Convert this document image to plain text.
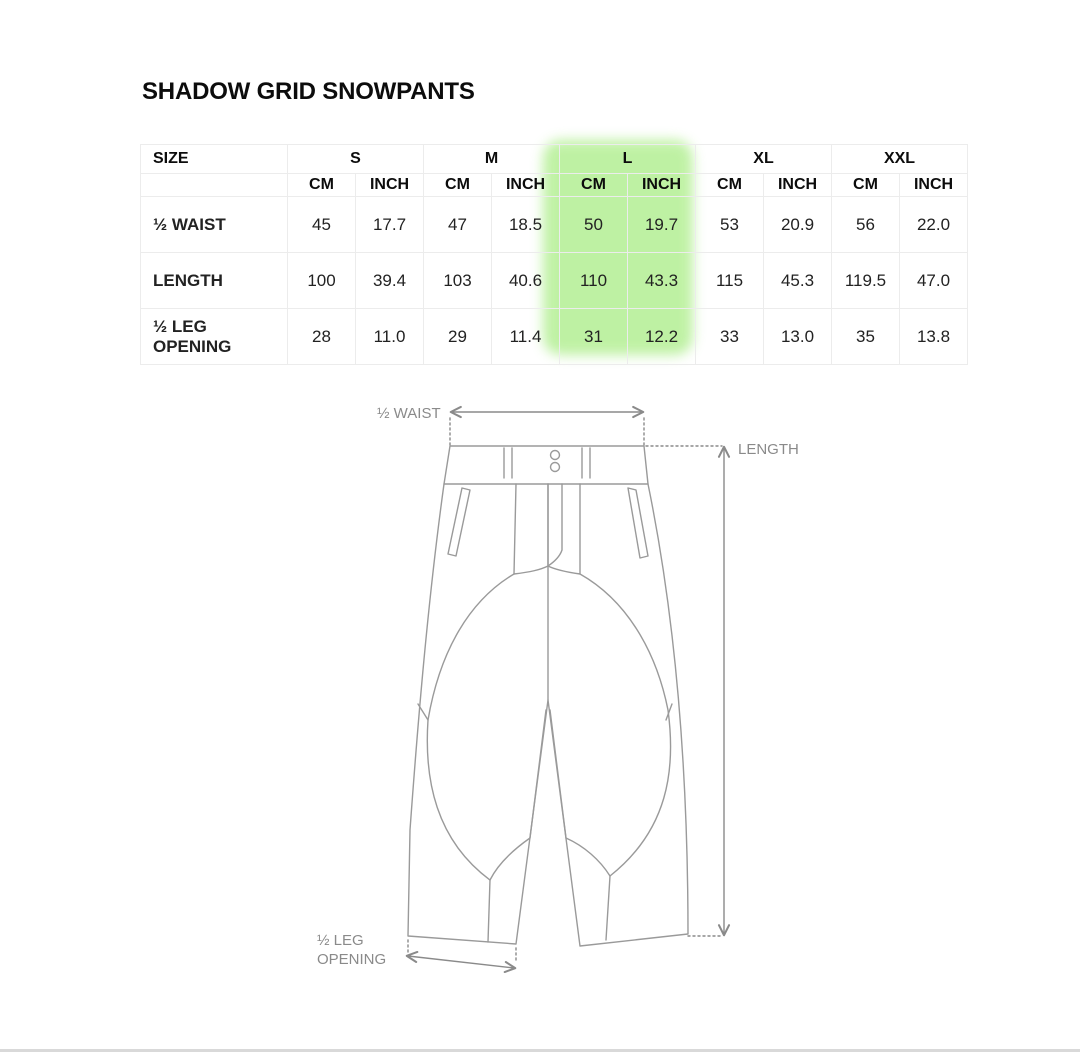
SHADOW GRID SNOWPANTS
SIZE	S		M		L		XL		XXL	
	CM	INCH	CM	INCH	CM	INCH	CM	INCH	CM	INCH
½ WAIST	45	17.7	47	18.5	50	19.7	53	20.9	56	22.0
LENGTH	100	39.4	103	40.6	110	43.3	115	45.3	119.5	47.0

½ LEG
OPENING	28	11.0	29	11.4	31	12.2	33	13.0	35	13.8
½ WAIST
LENGTH
½ LEG
OPENING
